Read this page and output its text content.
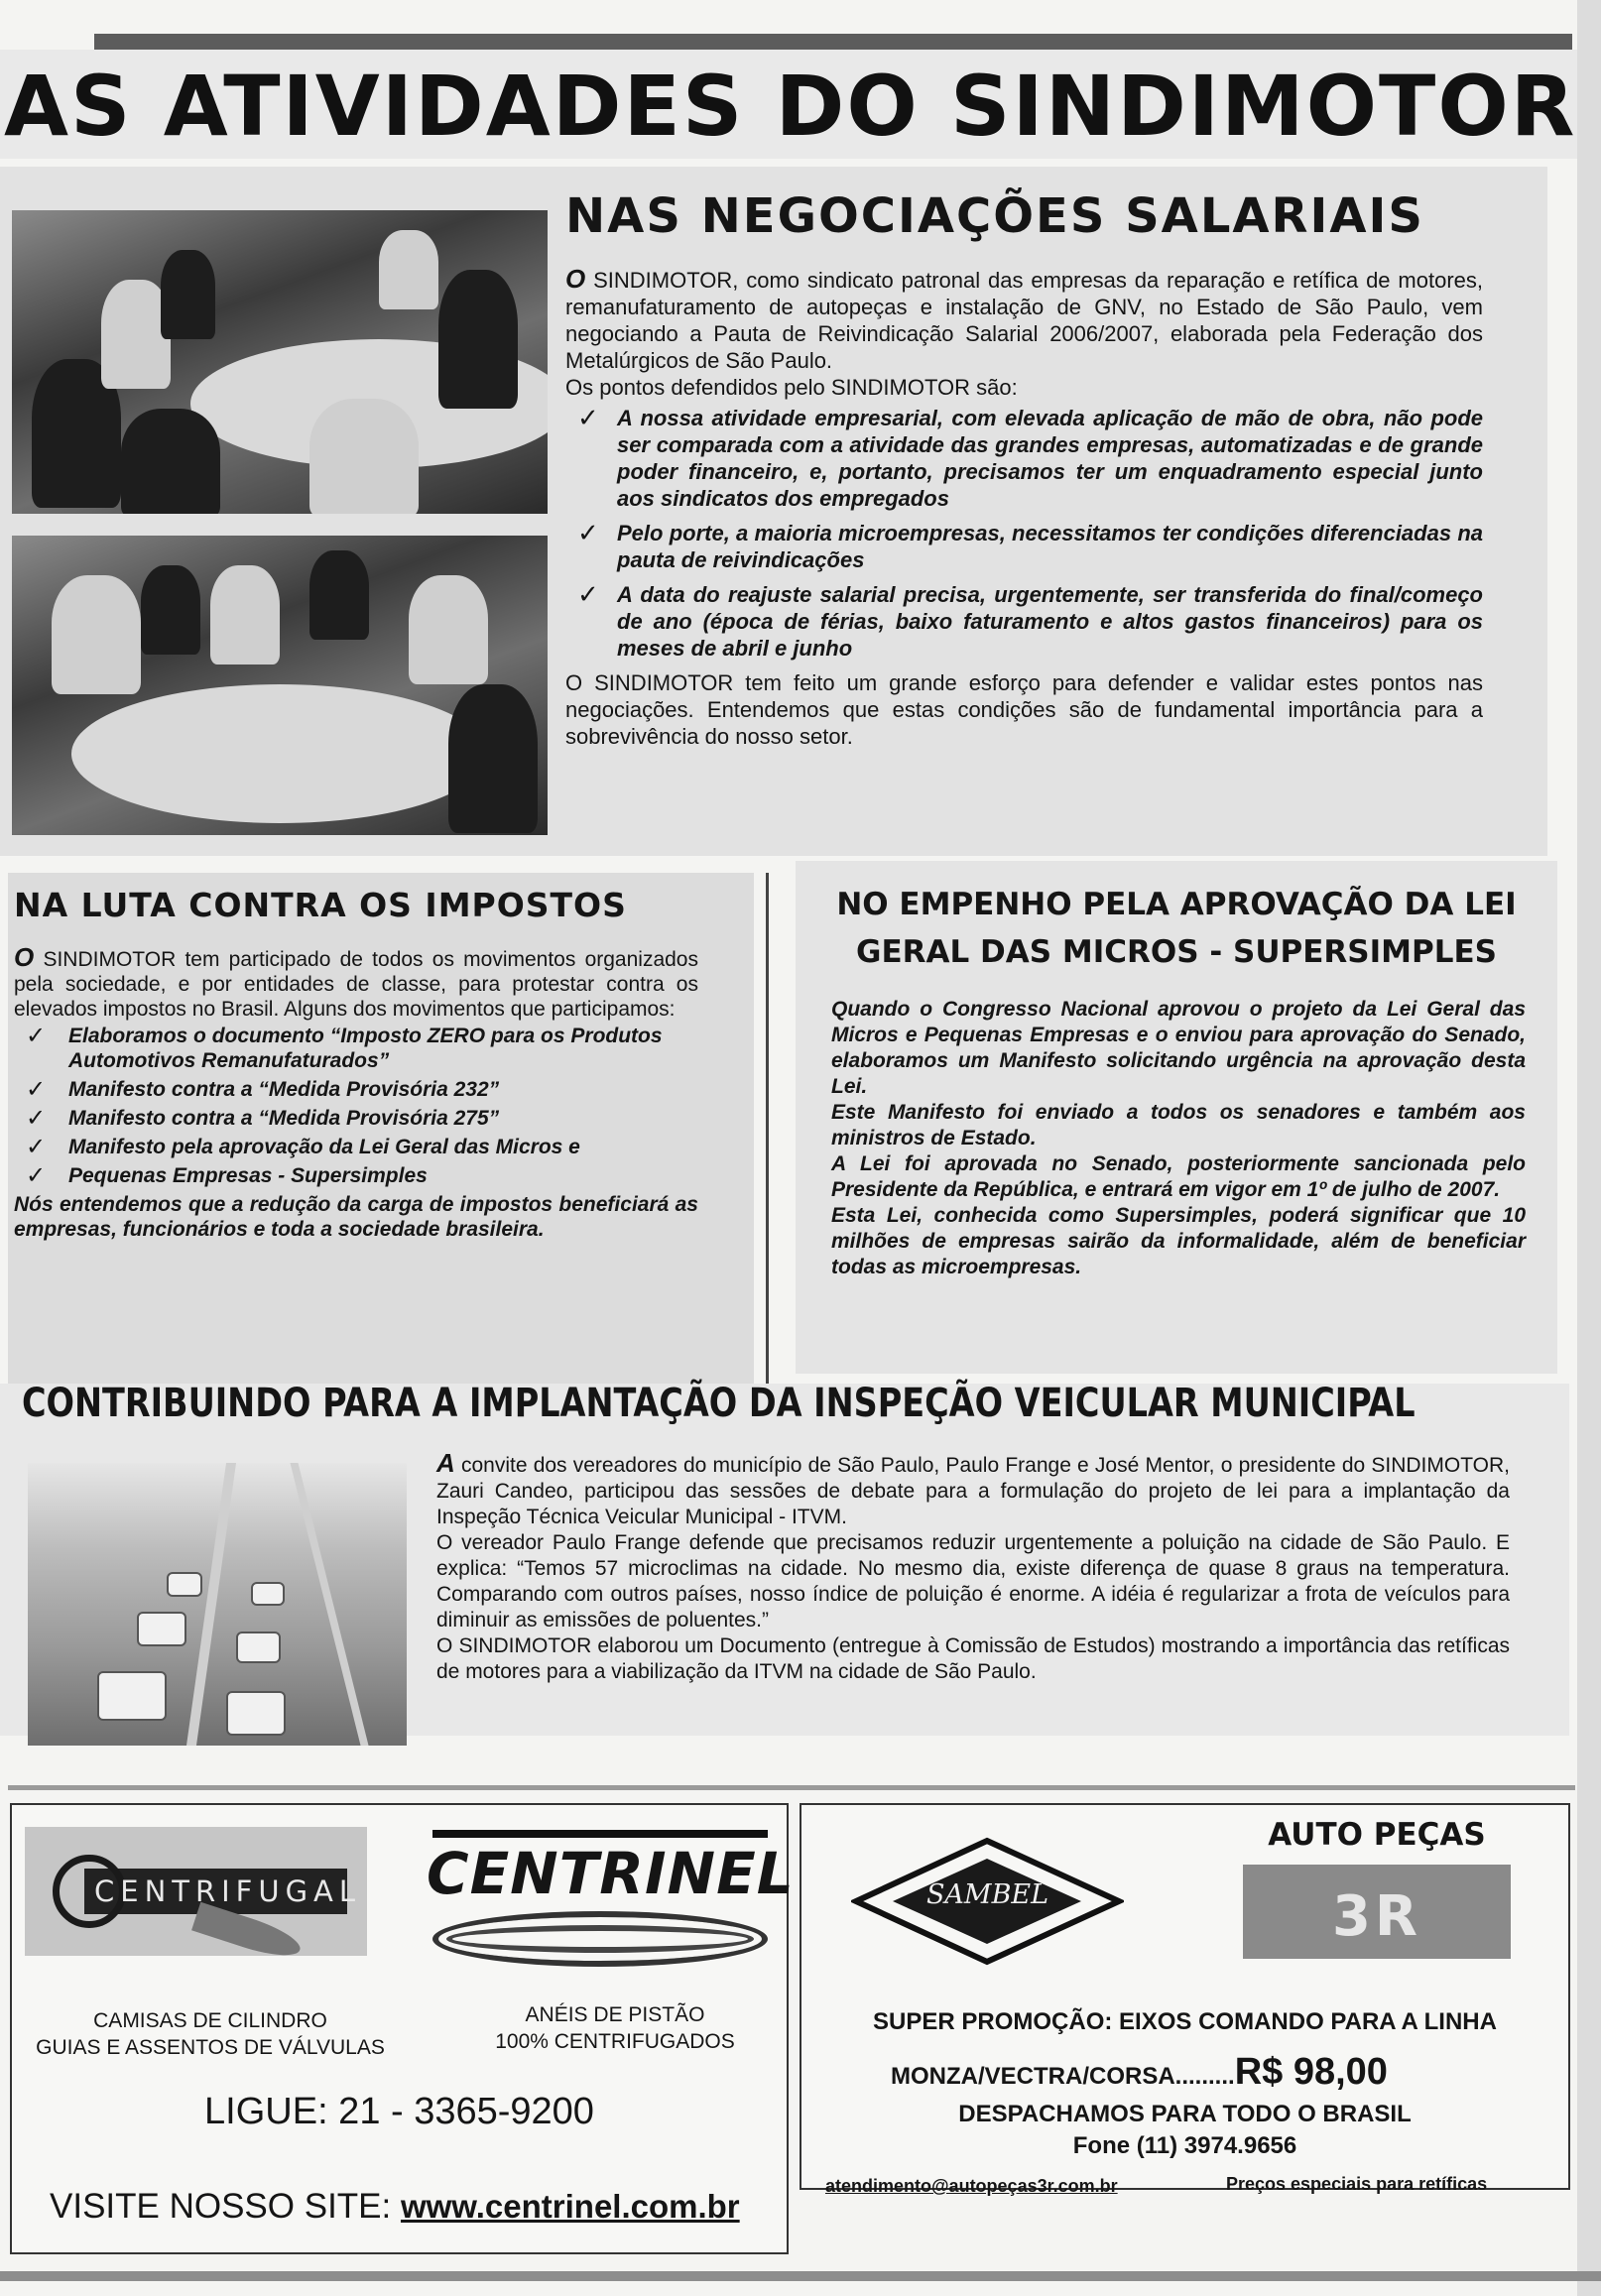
AS ATIVIDADES DO SINDIMOTOR
NAS NEGOCIAÇÕES SALARIAIS

O SINDIMOTOR, como sindicato patronal das empresas da reparação e retífica de motores, remanufaturamento de autopeças e instalação de GNV, no Estado de São Paulo, vem negociando a Pauta de Reivindicação Salarial 2006/2007, elaborada pela Federação dos Metalúrgicos de São Paulo.

Os pontos defendidos pelo SINDIMOTOR são:

✓ A nossa atividade empresarial, com elevada aplicação de mão de obra, não pode ser comparada com a atividade das grandes empresas, automatizadas e de grande poder financeiro, e, portanto, precisamos ter um enquadramento especial junto aos sindicatos dos empregados
✓ Pelo porte, a maioria microempresas, necessitamos ter condições diferenciadas na pauta de reivindicações
✓ A data do reajuste salarial precisa, urgentemente, ser transferida do final/começo de ano (época de férias, baixo faturamento e altos gastos financeiros) para os meses de abril e junho

O SINDIMOTOR tem feito um grande esforço para defender e validar estes pontos nas negociações. Entendemos que estas condições são de fundamental importância para a sobrevivência do nosso setor.

NA LUTA CONTRA OS IMPOSTOS

O SINDIMOTOR tem participado de todos os movimentos organizados pela sociedade, e por entidades de classe, para protestar contra os elevados impostos no Brasil. Alguns dos movimentos que participamos:

✓ Elaboramos o documento “Imposto ZERO para os Produtos Automotivos Remanufaturados”
✓ Manifesto contra a “Medida Provisória 232”
✓ Manifesto contra a “Medida Provisória 275”
✓ Manifesto pela aprovação da Lei Geral das Micros e
✓ Pequenas Empresas - Supersimples

Nós entendemos que a redução da carga de impostos beneficiará as empresas, funcionários e toda a sociedade brasileira.

NO EMPENHO PELA APROVAÇÃO DA LEI GERAL DAS MICROS - SUPERSIMPLES

Quando o Congresso Nacional aprovou o projeto da Lei Geral das Micros e Pequenas Empresas e o enviou para aprovação do Senado, elaboramos um Manifesto solicitando urgência na aprovação desta Lei.

Este Manifesto foi enviado a todos os senadores e também aos ministros de Estado.

A Lei foi aprovada no Senado, posteriormente sancionada pelo Presidente da República, e entrará em vigor em 1º de julho de 2007.

Esta Lei, conhecida como Supersimples, poderá significar que 10 milhões de empresas sairão da informalidade, além de beneficiar todas as microempresas.

CONTRIBUINDO PARA A IMPLANTAÇÃO DA INSPEÇÃO VEICULAR MUNICIPAL

A convite dos vereadores do município de São Paulo, Paulo Frange e José Mentor, o presidente do SINDIMOTOR, Zauri Candeo, participou das sessões de debate para a formulação do projeto de lei para a implantação da Inspeção Técnica Veicular Municipal - ITVM.

O vereador Paulo Frange defende que precisamos reduzir urgentemente a poluição na cidade de São Paulo. E explica: “Temos 57 microclimas na cidade. No mesmo dia, existe diferença de quase 8 graus na temperatura. Comparando com outros países, nosso índice de poluição é enorme. A idéia é regularizar a frota de veículos para diminuir as emissões de poluentes.”

O SINDIMOTOR elaborou um Documento (entregue à Comissão de Estudos) mostrando a importância das retíficas de motores para a viabilização da ITVM na cidade de São Paulo.

CENTRIFUGAL CENTRINEL
CAMISAS DE CILINDRO
GUIAS E ASSENTOS DE VÁLVULAS
ANÉIS DE PISTÃO
100% CENTRIFUGADOS
LIGUE: 21 - 3365-9200
VISITE NOSSO SITE: www.centrinel.com.br
SAMBEL
AUTO PEÇAS
3R
SUPER PROMOÇÃO: EIXOS COMANDO PARA A LINHA
MONZA/VECTRA/CORSA.........R$ 98,00
DESPACHAMOS PARA TODO O BRASIL
Fone (11) 3974.9656
atendimento@autopeças3r.com.br	Preços especiais para retíficas
